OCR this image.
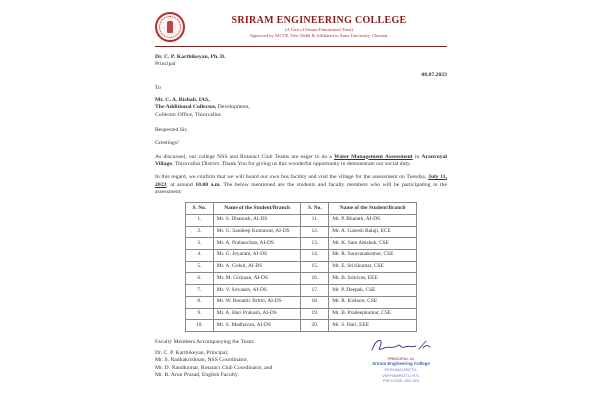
SRIRAM ENGINEERING COLLEGE
(A Unit of Sriram Educational Trust)
Approved by AICTE, New Delhi & Affiliated to Anna University, Chennai.
Dr. C. P. Karthikeyan, Ph. D.
Principal
08.07.2023
To
Mr. C. A. Rishab, IAS,
The Additional Collector, Development,
Collector Office, Thiruvallur.
Respected Sir,
Greetings!
As discussed, our college NSS and Rotaract Club Teams are eager to do a Water Management Assessment in Aranvoyal Village, Thiruvallur District. Thank You for giving us this wonderful opportunity to demonstrate our social duty.
In this regard, we confirm that we will board our own bus facility and visit the village for the assessment on Tuesday, July 11, 2023, at around 10.00 a.m. The below mentioned are the students and faculty members who will be participating in the assessment:
S. No.	Name of the Student/Branch	S. No.	Name of the Student/Branch
1.	Mr. S. Dhanush, AI-DS	11.	Mr. P. Bharath, AI-DS
2.	Mr. G. Sandeep Kumawat, AI-DS	12.	Mr. A. Ganesh Balaji, ECE
3.	Mr. A. Prabanchan, AI-DS	13.	Mr. K. Sam Abishek, CSE
4.	Mr. G. Jeyaram, AI-DS	14.	Mr. R. Saravanakumar, CSE
5.	Mr. A. Gokul, AI-DS	15.	Mr. E. Srivikumar, CSE
6.	Mr. M. Giriraan, AI-DS	16.	Mr. B. Srinivas, EEE
7.	Mr. V. Srivaash, AI-DS	17.	Mr. P. Deepak, CSE
8.	Mr. W. Benattic Britto, AI-DS	18.	Mr. R. Kishore, CSE
9.	Mr. A. Hari Prakash, AI-DS	19.	Mr. B. Pradeepkumar, CSE
10.	Mr. S. Madhavan, AI-DS	20.	Mr. S. Hari, EEE
Faculty Members Accompanying the Team:
Dr. C. P. Karthikeyan, Principal,
Mr. S. Radhakrishnan, NSS Coordinator,
Mr. D. Nandkumar, Rotaract Club Coordinator, and
Mr. R. Arun Prasad, English Faculty.
PRINCIPAL i/c
Sriram Engineering College
PERUMALPATTU,
VEPPAMPATTU R.S.
PIN CODE- 602 024
